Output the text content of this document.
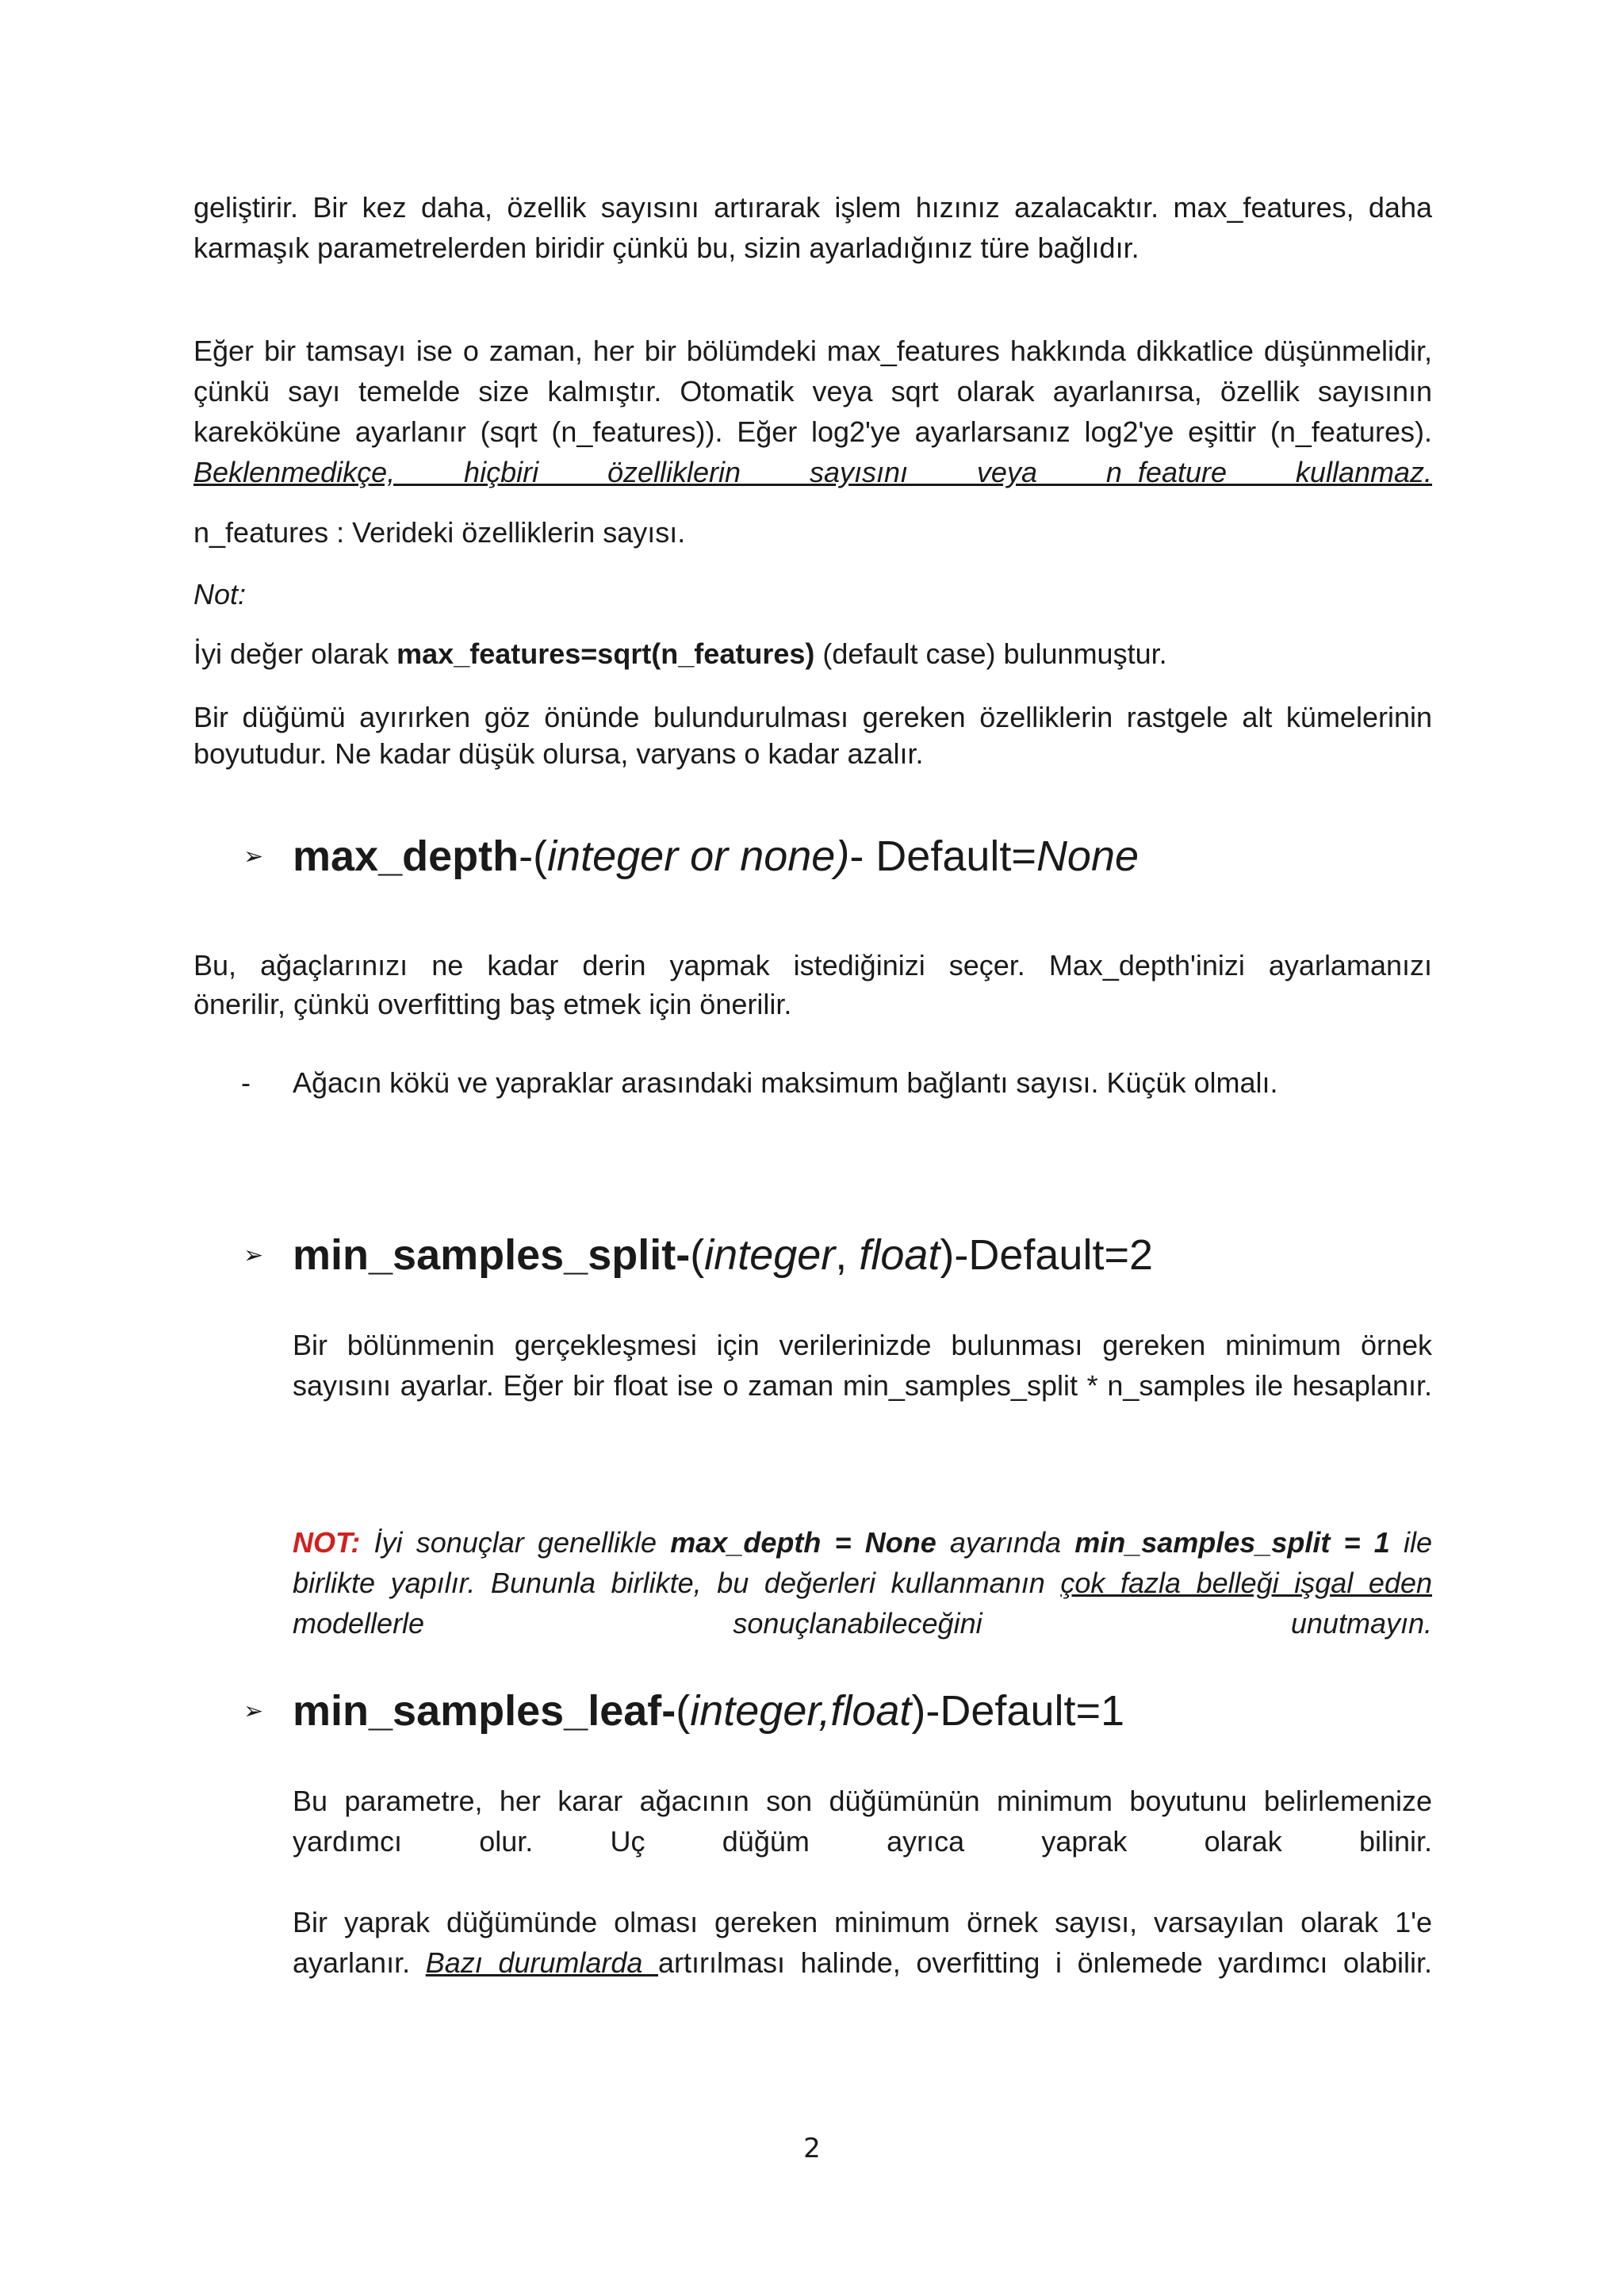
geliştirir. Bir kez daha, özellik sayısını artırarak işlem hızınız azalacaktır. max_features, daha
karmaşık parametrelerden biridir çünkü bu, sizin ayarladığınız türe bağlıdır.

Eğer bir tamsayı ise o zaman, her bir bölümdeki max_features hakkında dikkatlice düşünmelidir, çünkü sayı temelde size kalmıştır. Otomatik veya sqrt olarak ayarlanırsa, özellik sayısının kareköküne ayarlanır (sqrt (n_features)). Eğer log2'ye ayarlarsanız log2'ye eşittir (n_features). Beklenmedikçe, hiçbiri özelliklerin sayısını veya n_feature kullanmaz.

n_features : Verideki özelliklerin sayısı.
Not:
İyi değer olarak max_features=sqrt(n_features) (default case) bulunmuştur.
Bir düğümü ayırırken göz önünde bulundurulması gereken özelliklerin rastgele alt kümelerinin
boyutudur. Ne kadar düşük olursa, varyans o kadar azalır.
➢ max_depth-(integer or none)- Default=None
Bu, ağaçlarınızı ne kadar derin yapmak istediğinizi seçer. Max_depth'inizi ayarlamanızı
önerilir, çünkü overfitting baş etmek için önerilir.
- Ağacın kökü ve yapraklar arasındaki maksimum bağlantı sayısı. Küçük olmalı.
➢ min_samples_split-(integer, float)-Default=2

Bir bölünmenin gerçekleşmesi için verilerinizde bulunması gereken minimum örnek sayısını ayarlar. Eğer bir float ise o zaman min_samples_split * n_samples ile hesaplanır.

NOT: İyi sonuçlar genellikle max_depth = None ayarında min_samples_split = 1 ile birlikte yapılır. Bununla birlikte, bu değerleri kullanmanın çok fazla belleği işgal eden modellerle sonuçlanabileceğini unutmayın.

➢ min_samples_leaf-(integer,float)-Default=1

Bu parametre, her karar ağacının son düğümünün minimum boyutunu belirlemenize yardımcı olur. Uç düğüm ayrıca yaprak olarak bilinir.

Bir yaprak düğümünde olması gereken minimum örnek sayısı, varsayılan olarak 1'e ayarlanır. Bazı durumlarda artırılması halinde, overfitting i önlemede yardımcı olabilir.

2
